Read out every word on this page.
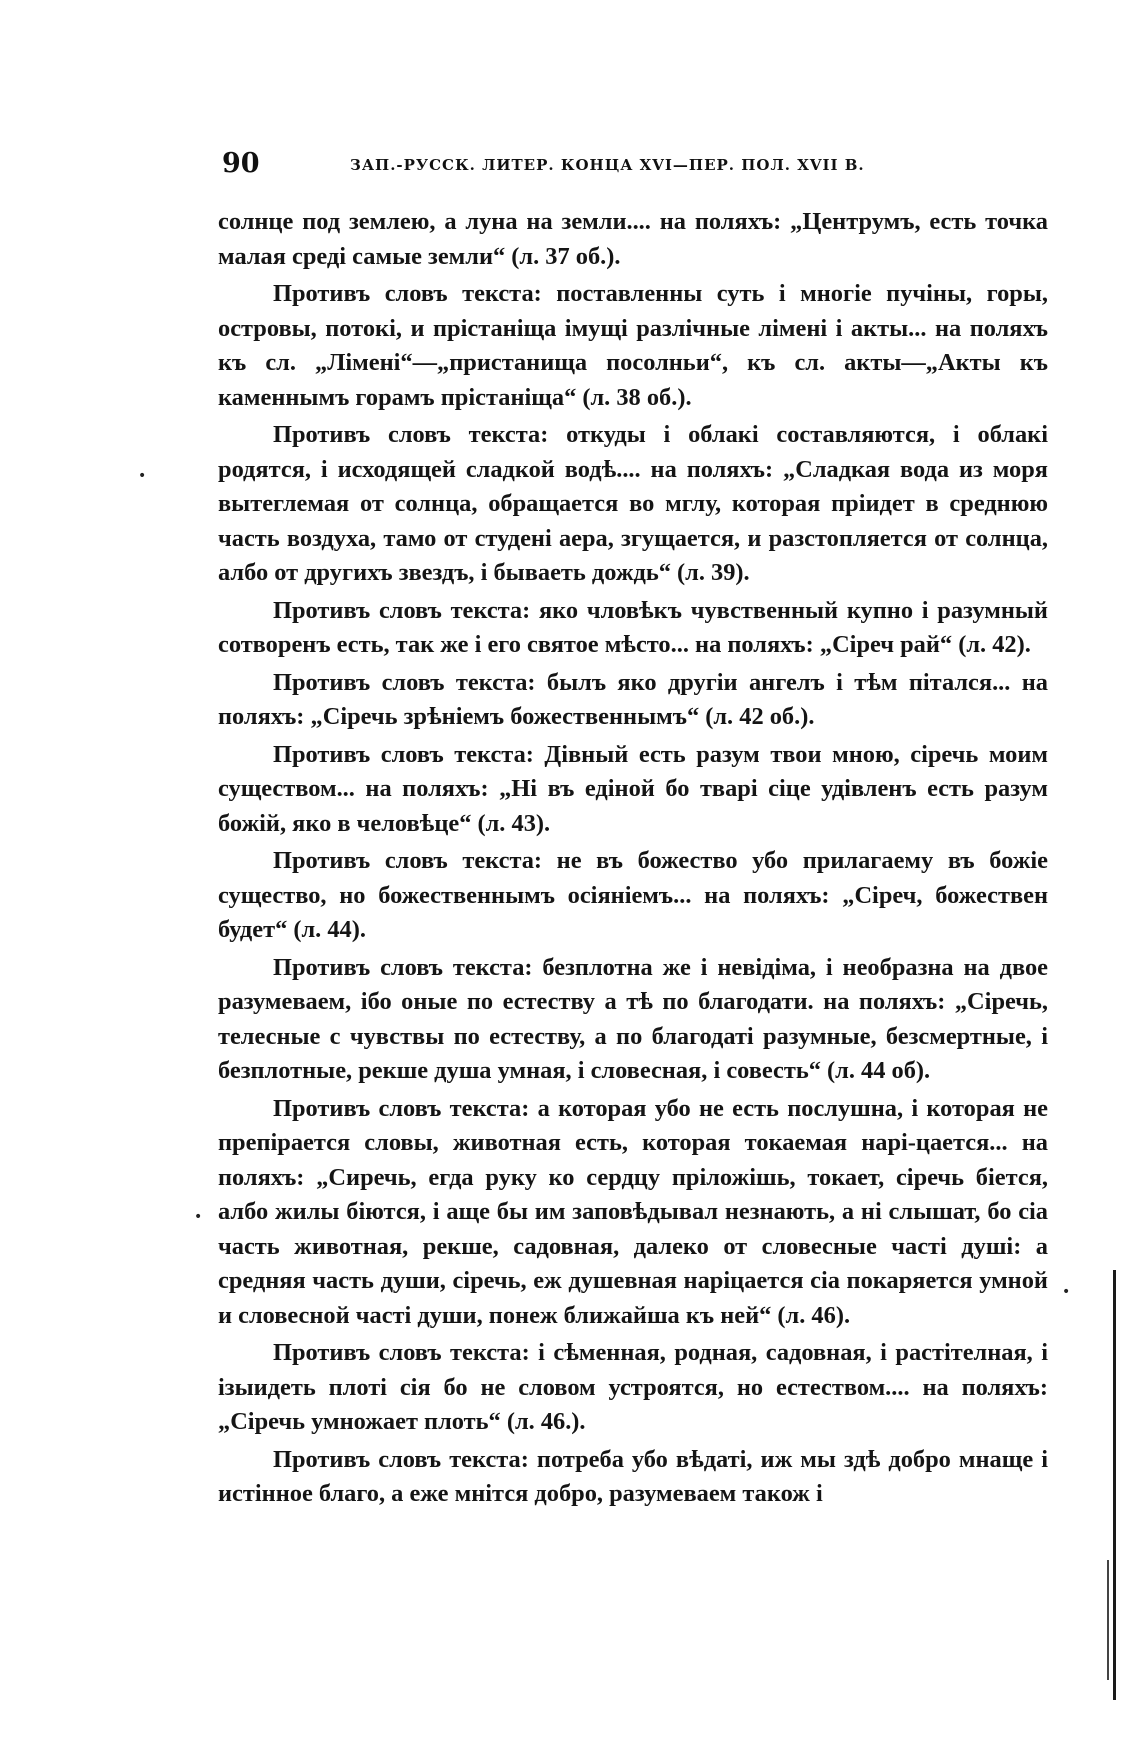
90	ЗАП.-РУССК. ЛИТЕР. КОНЦА XVI—ПЕР. ПОЛ. XVII В.

солнце под землею, а луна на земли.... на поляхъ: „Центрумъ, есть точка малая среді самые земли“ (л. 37 об.).

Противъ словъ текста: поставленны суть і многіе пучіны, горы, островы, потокі, и прістаніща імущі разлічные лімені і акты... на поляхъ къ сл. „Лімені“—„пристанища посолньи“, къ сл. акты—„Акты къ каменнымъ горамъ прістаніща“ (л. 38 об.).

Противъ словъ текста: откуды і облакі составляются, і облакі родятся, і исходящей сладкой водѣ.... на поляхъ: „Сладкая вода из моря вытеглемая от солнца, обращается во мглу, которая пріидет в среднюю часть воздуха, тамо от студені аера, згущается, и разстопляется от солнца, албо от другихъ звездъ, і бываеть дождь“ (л. 39).

Противъ словъ текста: яко чловѣкъ чувственный купно і разумный сотворенъ есть, так же і его святое мѣсто... на поляхъ: „Сіреч рай“ (л. 42).

Противъ словъ текста: былъ яко другіи ангелъ і тѣм пітался... на поляхъ: „Сіречь зрѣніемъ божественнымъ“ (л. 42 об.).

Противъ словъ текста: Дівный есть разум твои мною, сіречь моим существом... на поляхъ: „Ні въ едіной бо тварі сіце удівленъ есть разум божій, яко в человѣце“ (л. 43).

Противъ словъ текста: не въ божество убо прилагаему въ божіе существо, но божественнымъ осіяніемъ... на поляхъ: „Сіреч, божествен будет“ (л. 44).

Противъ словъ текста: безплотна же і невідіма, і необразна на двое разумеваем, ібо оные по естеству а тѣ по благодати. на поляхъ: „Сіречь, телесные с чувствы по естеству, а по благодаті разумные, безсмертные, і безплотные, рекше душа умная, і словесная, і совесть“ (л. 44 об).

Противъ словъ текста: а которая убо не есть послушна, і которая не препірается словы, животная есть, которая токаемая нарі-цается... на поляхъ: „Сиречь, егда руку ко сердцу пріложішь, токает, сіречь біется, албо жилы біются, і аще бы им заповѣдывал незнають, а ні слышат, бо сіа часть животная, рекше, садовная, далеко от словесные часті душі: а средняя часть души, сіречь, еж душевная наріцается сіа покаряется умной и словесной часті души, понеж ближайша къ ней“ (л. 46).

Противъ словъ текста: і сѣменная, родная, садовная, і растітелная, і ізыидеть плоті сія бо не словом устроятся, но естеством.... на поляхъ: „Сіречь умножает плоть“ (л. 46.).

Противъ словъ текста: потреба убо вѣдаті, иж мы здѣ добро мнаще і истінное благо, а еже мнітся добро, разумеваем також і

•
•
•
